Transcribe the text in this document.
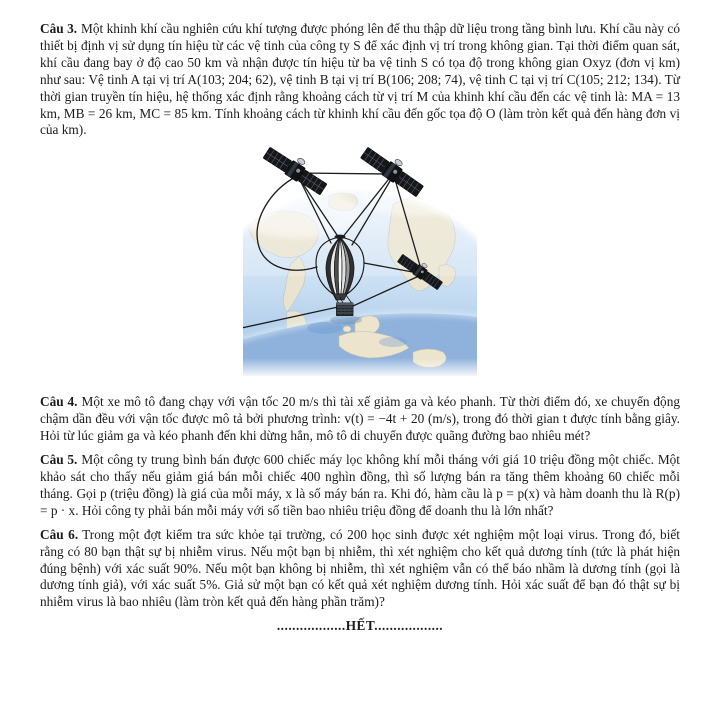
Câu 3. Một khinh khí cầu nghiên cứu khí tượng được phóng lên để thu thập dữ liệu trong tầng bình lưu. Khí cầu này có thiết bị định vị sử dụng tín hiệu từ các vệ tinh của công ty S để xác định vị trí trong không gian. Tại thời điểm quan sát, khí cầu đang bay ở độ cao 50 km và nhận được tín hiệu từ ba vệ tinh S có tọa độ trong không gian Oxyz (đơn vị km) như sau: Vệ tinh A tại vị trí A(103; 204; 62), vệ tinh B tại vị trí B(106; 208; 74), vệ tinh C tại vị trí C(105; 212; 134). Từ thời gian truyền tín hiệu, hệ thống xác định rằng khoảng cách từ vị trí M của khinh khí cầu đến các vệ tinh là: MA = 13 km, MB = 26 km, MC = 85 km. Tính khoảng cách từ khinh khí cầu đến gốc tọa độ O (làm tròn kết quả đến hàng đơn vị của km).

Câu 4. Một xe mô tô đang chạy với vận tốc 20 m/s thì tài xế giảm ga và kéo phanh. Từ thời điểm đó, xe chuyển động chậm dần đều với vận tốc được mô tả bởi phương trình: v(t) = −4t + 20 (m/s), trong đó thời gian t được tính bằng giây. Hỏi từ lúc giảm ga và kéo phanh đến khi dừng hẳn, mô tô di chuyển được quãng đường bao nhiêu mét?

Câu 5. Một công ty trung bình bán được 600 chiếc máy lọc không khí mỗi tháng với giá 10 triệu đồng một chiếc. Một khảo sát cho thấy nếu giảm giá bán mỗi chiếc 400 nghìn đồng, thì số lượng bán ra tăng thêm khoảng 60 chiếc mỗi tháng. Gọi p (triệu đồng) là giá của mỗi máy, x là số máy bán ra. Khi đó, hàm cầu là p = p(x) và hàm doanh thu là R(p) = p · x. Hỏi công ty phải bán mỗi máy với số tiền bao nhiêu triệu đồng để doanh thu là lớn nhất?

Câu 6. Trong một đợt kiểm tra sức khỏe tại trường, có 200 học sinh được xét nghiệm một loại virus. Trong đó, biết rằng có 80 bạn thật sự bị nhiễm virus. Nếu một bạn bị nhiễm, thì xét nghiệm cho kết quả dương tính (tức là phát hiện đúng bệnh) với xác suất 90%. Nếu một bạn không bị nhiễm, thì xét nghiệm vẫn có thể báo nhầm là dương tính (gọi là dương tính giả), với xác suất 5%. Giả sử một bạn có kết quả xét nghiệm dương tính. Hỏi xác suất để bạn đó thật sự bị nhiễm virus là bao nhiêu (làm tròn kết quả đến hàng phần trăm)?

..................HẾT..................
